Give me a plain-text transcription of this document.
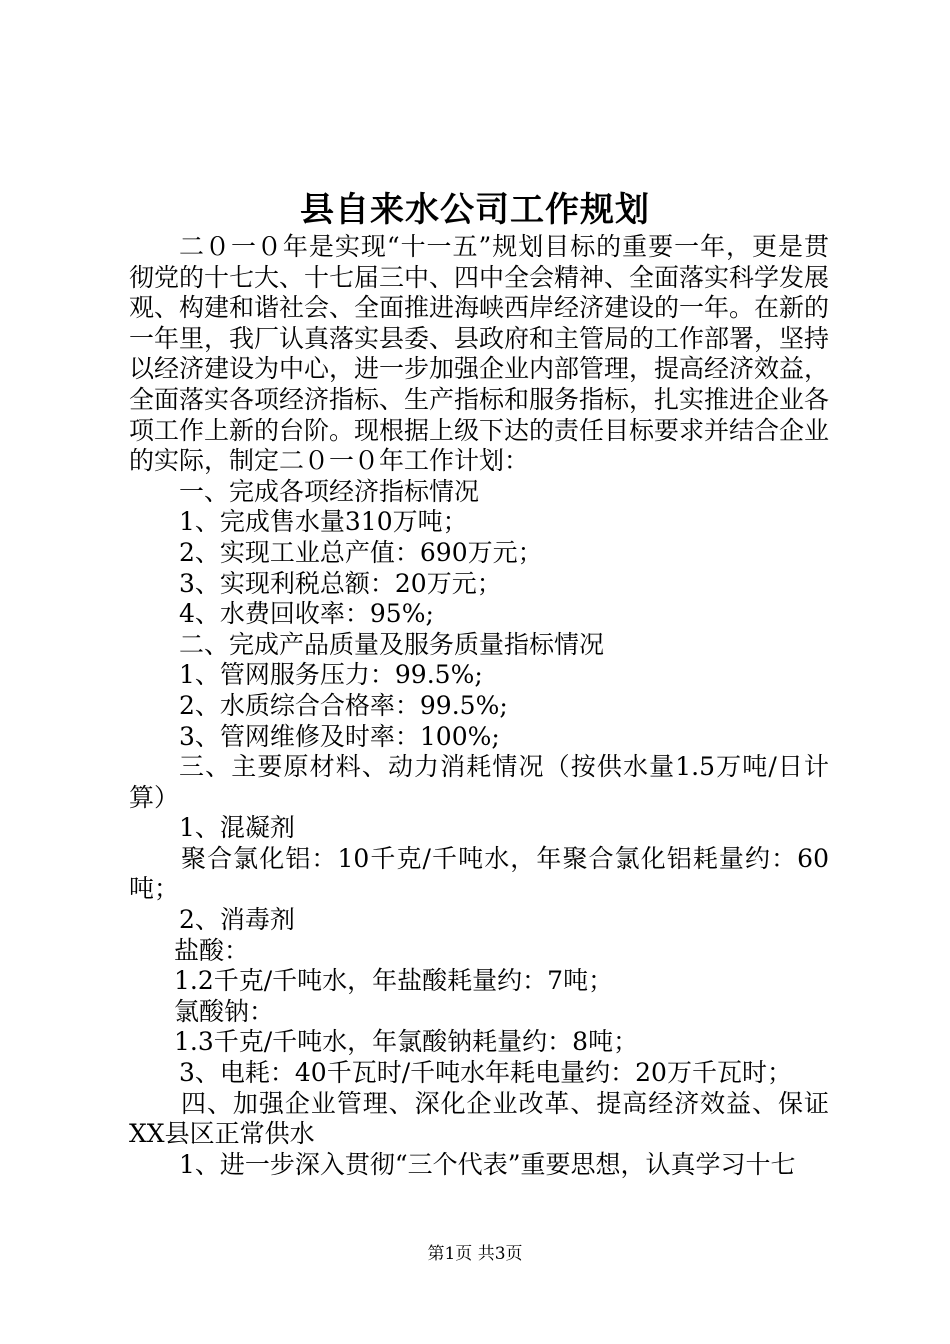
县自来水公司工作规划

二０一０年是实现“十一五”规划目标的重要一年，更是贯彻党的十七大、十七届三中、四中全会精神、全面落实科学发展观、构建和谐社会、全面推进海峡西岸经济建设的一年。在新的一年里，我厂认真落实县委、县政府和主管局的工作部署，坚持以经济建设为中心，进一步加强企业内部管理，提高经济效益，全面落实各项经济指标、生产指标和服务指标，扎实推进企业各项工作上新的台阶。现根据上级下达的责任目标要求并结合企业的实际，制定二０一０年工作计划：

一、完成各项经济指标情况

1、完成售水量310万吨；

2、实现工业总产值：690万元；

3、实现利税总额：20万元；

4、水费回收率：95%;

二、完成产品质量及服务质量指标情况

1、管网服务压力：99.5%;

2、水质综合合格率：99.5%;

3、管网维修及时率：100%;

三、主要原材料、动力消耗情况（按供水量1.5万吨/日计算）

1、混凝剂

聚合氯化铝：10千克/千吨水，年聚合氯化铝耗量约：60吨；

2、消毒剂

盐酸：

1.2千克/千吨水，年盐酸耗量约：7吨；

氯酸钠：

1.3千克/千吨水，年氯酸钠耗量约：8吨；

3、电耗：40千瓦时/千吨水年耗电量约：20万千瓦时；

四、加强企业管理、深化企业改革、提高经济效益、保证XX县区正常供水

1、进一步深入贯彻“三个代表”重要思想，认真学习十七

第1页 共3页
